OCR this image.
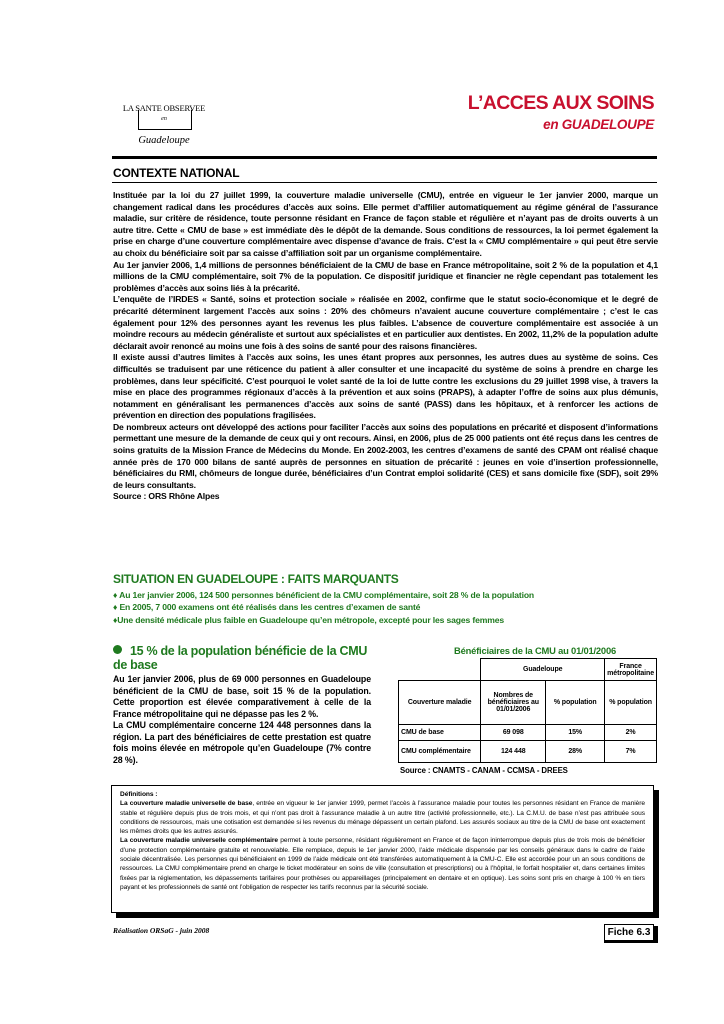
LA SANTE OBSERVEE
en
Guadeloupe
L’ACCES AUX SOINS
en GUADELOUPE
CONTEXTE NATIONAL

Instituée par la loi du 27 juillet 1999, la couverture maladie universelle (CMU), entrée en vigueur le 1er janvier 2000, marque un changement radical dans les procédures d’accès aux soins. Elle permet d’affilier automatiquement au régime général de l’assurance maladie, sur critère de résidence, toute personne résidant en France de façon stable et régulière et n’ayant pas de droits ouverts à un autre titre. Cette « CMU de base » est immédiate dès le dépôt de la demande. Sous conditions de ressources, la loi permet également la prise en charge d’une couverture complémentaire avec dispense d’avance de frais. C’est la « CMU complémentaire » qui peut être servie au choix du bénéficiaire soit par sa caisse d’affiliation soit par un organisme complémentaire.

Au 1er janvier 2006, 1,4 millions de personnes bénéficiaient de la CMU de base en France métropolitaine, soit 2 % de la population et 4,1 millions de la CMU complémentaire, soit 7% de la population. Ce dispositif juridique et financier ne règle cependant pas totalement les problèmes d’accès aux soins liés à la précarité.

L’enquête de l’IRDES « Santé, soins et protection sociale » réalisée en 2002, confirme que le statut socio-économique et le degré de précarité déterminent largement l’accès aux soins : 20% des chômeurs n’avaient aucune couverture complémentaire ; c’est le cas également pour 12% des personnes ayant les revenus les plus faibles. L’absence de couverture complémentaire est associée à un moindre recours au médecin généraliste et surtout aux spécialistes et en particulier aux dentistes. En 2002, 11,2% de la population adulte déclarait avoir renoncé au moins une fois à des soins de santé pour des raisons financières.

Il existe aussi d’autres limites à l’accès aux soins, les unes étant propres aux personnes, les autres dues au système de soins. Ces difficultés se traduisent par une réticence du patient à aller consulter et une incapacité du système de soins à prendre en charge les problèmes, dans leur spécificité. C’est pourquoi le volet santé de la loi de lutte contre les exclusions du 29 juillet 1998 vise, à travers la mise en place des programmes régionaux d’accès à la prévention et aux soins (PRAPS), à adapter l’offre de soins aux plus démunis, notamment en généralisant les permanences d’accès aux soins de santé (PASS) dans les hôpitaux, et à renforcer les actions de prévention en direction des populations fragilisées.

De nombreux acteurs ont développé des actions pour faciliter l’accès aux soins des populations en précarité et disposent d’informations permettant une mesure de la demande de ceux qui y ont recours. Ainsi, en 2006, plus de 25 000 patients ont été reçus dans les centres de soins gratuits de la Mission France de Médecins du Monde. En 2002-2003, les centres d’examens de santé des CPAM ont réalisé chaque année près de 170 000 bilans de santé auprès de personnes en situation de précarité : jeunes en voie d’insertion professionnelle, bénéficiaires du RMI, chômeurs de longue durée, bénéficiaires d’un Contrat emploi solidarité (CES) et sans domicile fixe (SDF), soit 29% de leurs consultants.

Source : ORS Rhône Alpes

SITUATION EN GUADELOUPE : FAITS MARQUANTS
♦ Au 1er janvier 2006, 124 500 personnes bénéficient de la CMU complémentaire, soit 28 % de la population
♦ En 2005, 7 000 examens ont été réalisés dans les centres d’examen de santé
♦Une densité médicale plus faible en Guadeloupe qu’en métropole, excepté pour les sages femmes
15 % de la population bénéficie de la CMU de base

Au 1er janvier 2006, plus de 69 000 personnes en Guadeloupe bénéficient de la CMU de base, soit 15 % de la population. Cette proportion est élevée comparativement à celle de la France métropolitaine qui ne dépasse pas les 2 %.

La CMU complémentaire concerne 124 448 personnes dans la région. La part des bénéficiaires de cette prestation est quatre fois moins élevée en métropole qu’en Guadeloupe (7% contre 28 %).

Bénéficiaires de la CMU au 01/01/2006
	Guadeloupe		France métropolitaine
Couverture maladie	Nombres de bénéficiaires au 01/01/2006	% population	% population
CMU de base	69 098	15%	2%
CMU complémentaire	124 448	28%	7%
Source : CNAMTS - CANAM - CCMSA - DREES

Définitions :

La couverture maladie universelle de base, entrée en vigueur le 1er janvier 1999, permet l’accès à l’assurance maladie pour toutes les personnes résidant en France de manière stable et régulière depuis plus de trois mois, et qui n’ont pas droit à l’assurance maladie à un autre titre (activité professionnelle, etc.). La C.M.U. de base n’est pas attribuée sous conditions de ressources, mais une cotisation est demandée si les revenus du ménage dépassent un certain plafond. Les assurés sociaux au titre de la CMU de base ont exactement les mêmes droits que les autres assurés.

La couverture maladie universelle complémentaire permet à toute personne, résidant régulièrement en France et de façon ininterrompue depuis plus de trois mois de bénéficier d’une protection complémentaire gratuite et renouvelable. Elle remplace, depuis le 1er janvier 2000, l’aide médicale dispensée par les conseils généraux dans le cadre de l’aide sociale décentralisée. Les personnes qui bénéficiaient en 1999 de l’aide médicale ont été transférées automatiquement à la CMU-C. Elle est accordée pour un an sous conditions de ressources. La CMU complémentaire prend en charge le ticket modérateur en soins de ville (consultation et prescriptions) ou à l’hôpital, le forfait hospitalier et, dans certaines limites fixées par la réglementation, les dépassements tarifaires pour prothèses ou appareillages (principalement en dentaire et en optique). Les soins sont pris en charge à 100 % en tiers payant et les professionnels de santé ont l’obligation de respecter les tarifs reconnus par la sécurité sociale.

Réalisation ORSaG - juin 2008	Fiche 6.3
